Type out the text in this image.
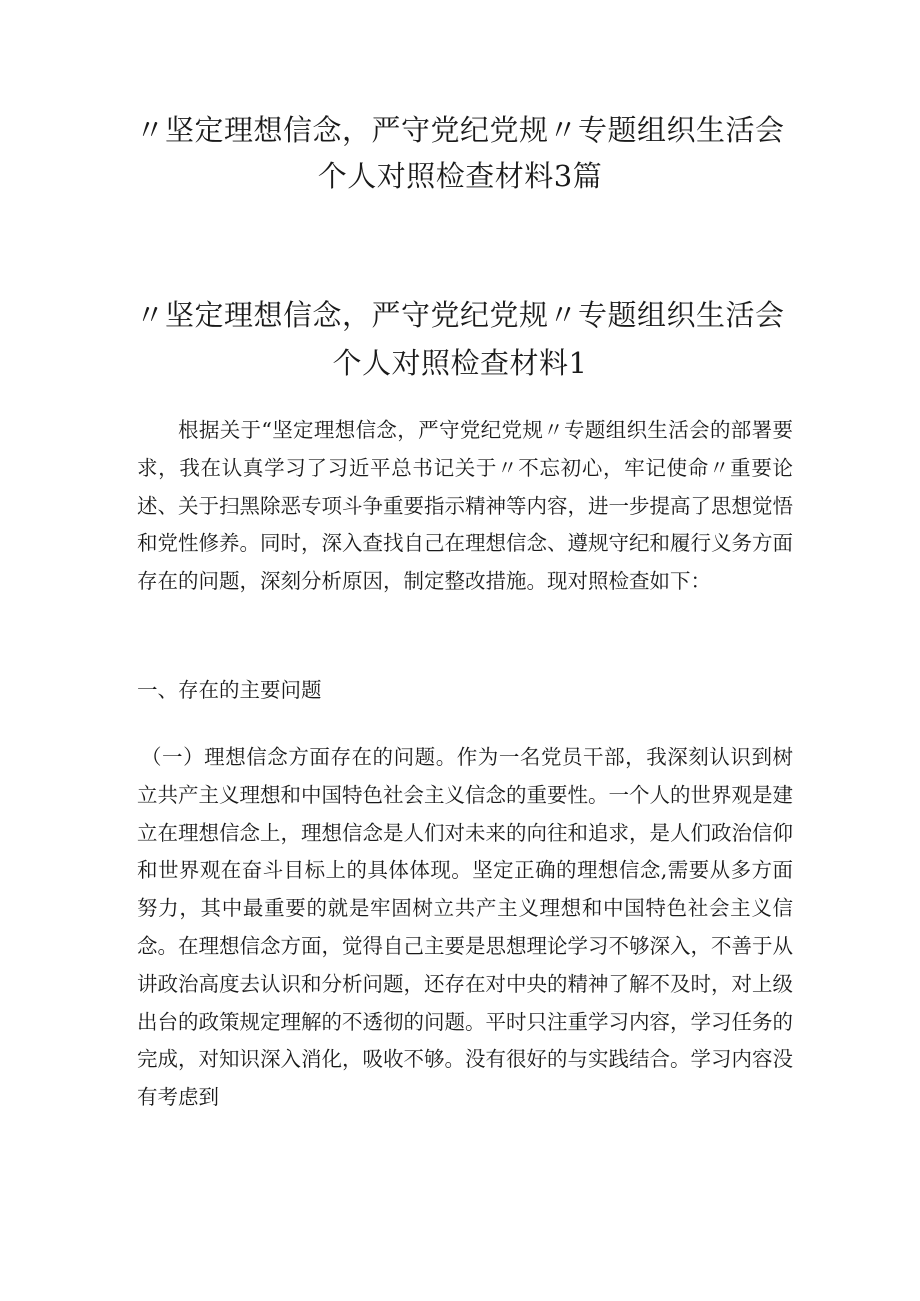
〃坚定理想信念，严守党纪党规〃专题组织生活会
个人对照检查材料3篇
〃坚定理想信念，严守党纪党规〃专题组织生活会
个人对照检查材料1

根据关于“坚定理想信念，严守党纪党规〃专题组织生活会的部署要求，我在认真学习了习近平总书记关于〃不忘初心，牢记使命〃重要论述、关于扫黑除恶专项斗争重要指示精神等内容，进一步提高了思想觉悟和党性修养。同时，深入查找自己在理想信念、遵规守纪和履行义务方面存在的问题，深刻分析原因，制定整改措施。现对照检查如下：

一、存在的主要问题

（一）理想信念方面存在的问题。作为一名党员干部，我深刻认识到树立共产主义理想和中国特色社会主义信念的重要性。一个人的世界观是建立在理想信念上，理想信念是人们对未来的向往和追求，是人们政治信仰和世界观在奋斗目标上的具体体现。坚定正确的理想信念,需要从多方面努力，其中最重要的就是牢固树立共产主义理想和中国特色社会主义信念。在理想信念方面，觉得自己主要是思想理论学习不够深入，不善于从讲政治高度去认识和分析问题，还存在对中央的精神了解不及时，对上级出台的政策规定理解的不透彻的问题。平时只注重学习内容，学习任务的完成，对知识深入消化，吸收不够。没有很好的与实践结合。学习内容没有考虑到
